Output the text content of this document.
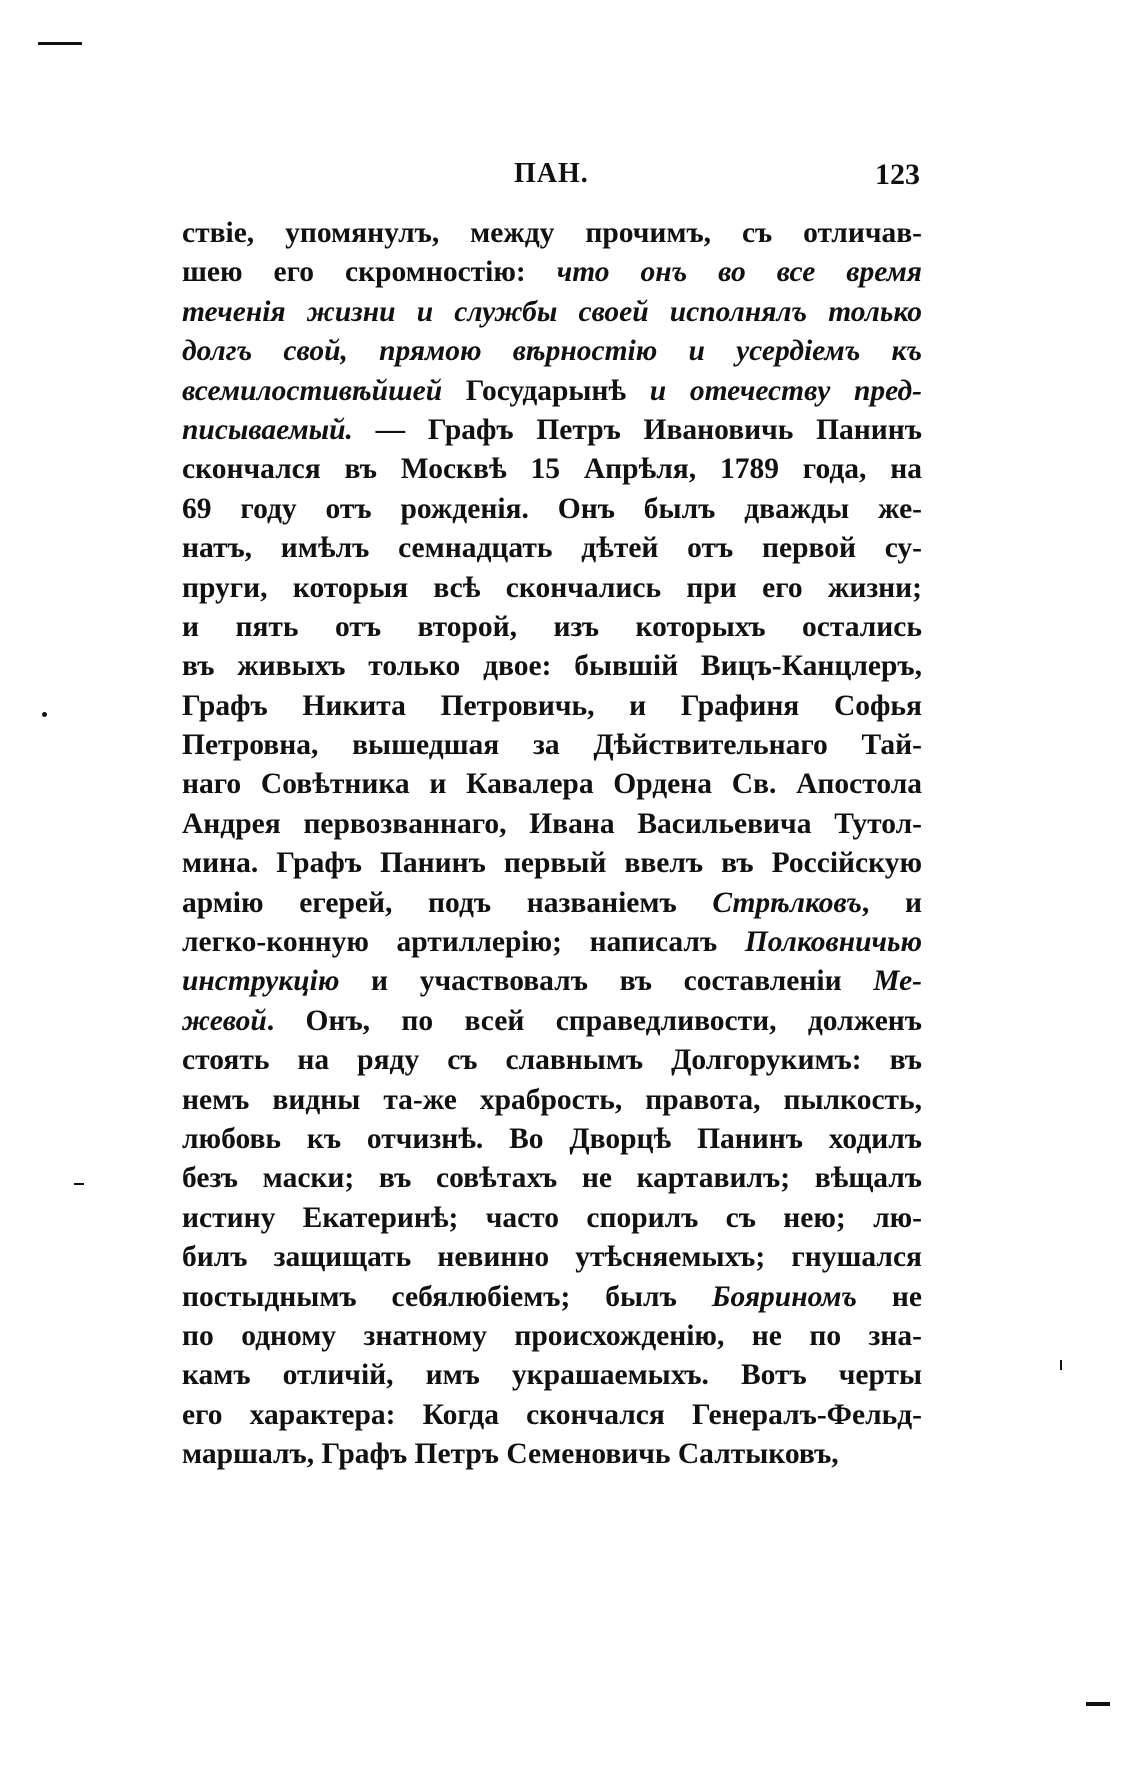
ПАН.	123
ствіе, упомянулъ, между прочимъ, съ отличав-
шею его скромностію: что онъ во все время
теченія жизни и службы своей исполнялъ только
долгъ свой, прямою вѣрностію и усердіемъ къ
всемилостивѣйшей Государынѣ и отечеству пред-
писываемый. — Графъ Петръ Ивановичь Панинъ
скончался въ Москвѣ 15 Апрѣля, 1789 года, на
69 году отъ рожденія. Онъ былъ дважды же-
натъ, имѣлъ семнадцать дѣтей отъ первой су-
пруги, которыя всѣ скончались при его жизни;
и пять отъ второй, изъ которыхъ остались
въ живыхъ только двое: бывшій Вицъ-Канцлеръ,
Графъ Никита Петровичь, и Графиня Софья
Петровна, вышедшая за Дѣйствительнаго Тай-
наго Совѣтника и Кавалера Ордена Св. Апостола
Андрея первозваннаго, Ивана Васильевича Тутол-
мина. Графъ Панинъ первый ввелъ въ Россійскую
армію егерей, подъ названіемъ Стрѣлковъ, и
легко-конную артиллерію; написалъ Полковничью
инструкцію и участвовалъ въ составленіи Ме-
жевой. Онъ, по всей справедливости, долженъ
стоять на ряду съ славнымъ Долгорукимъ: въ
немъ видны та-же храбрость, правота, пылкость,
любовь къ отчизнѣ. Во Дворцѣ Панинъ ходилъ
безъ маски; въ совѣтахъ не картавилъ; вѣщалъ
истину Екатеринѣ; часто спорилъ съ нею; лю-
билъ защищать невинно утѣсняемыхъ; гнушался
постыднымъ себялюбіемъ; былъ Бояриномъ не
по одному знатному происхожденію, не по зна-
камъ отличій, имъ украшаемыхъ. Вотъ черты
его характера: Когда скончался Генералъ-Фельд-
маршалъ, Графъ Петръ Семеновичь Салтыковъ,
